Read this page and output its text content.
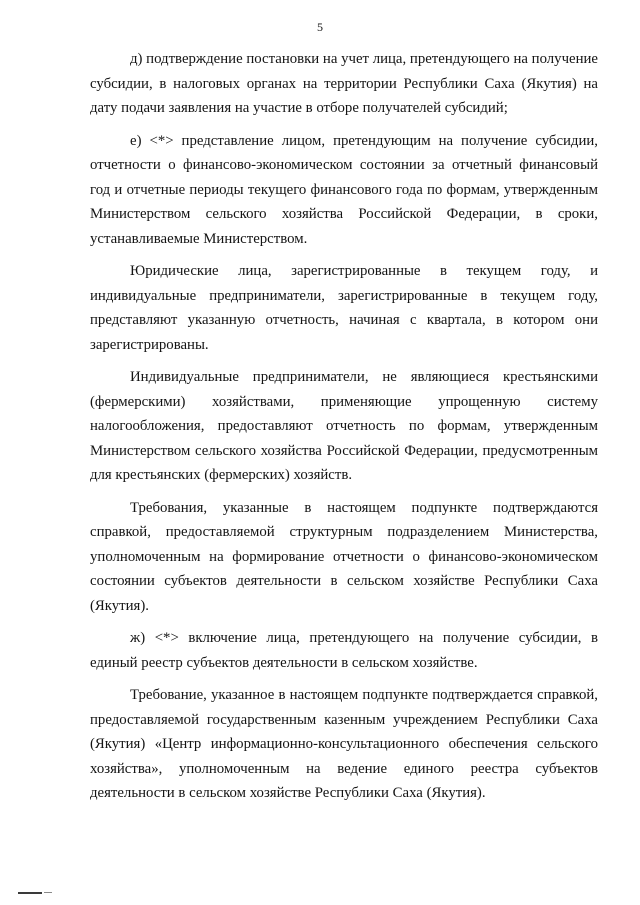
5

д) подтверждение постановки на учет лица, претендующего на получение субсидии, в налоговых органах на территории Республики Саха (Якутия) на дату подачи заявления на участие в отборе получателей субсидий;

е) <*> представление лицом, претендующим на получение субсидии, отчетности о финансово-экономическом состоянии за отчетный финансовый год и отчетные периоды текущего финансового года по формам, утвержденным Министерством сельского хозяйства Российской Федерации, в сроки, устанавливаемые Министерством.

Юридические лица, зарегистрированные в текущем году, и индивидуальные предприниматели, зарегистрированные в текущем году, представляют указанную отчетность, начиная с квартала, в котором они зарегистрированы.

Индивидуальные предприниматели, не являющиеся крестьянскими (фермерскими) хозяйствами, применяющие упрощенную систему налогообложения, предоставляют отчетность по формам, утвержденным Министерством сельского хозяйства Российской Федерации, предусмотренным для крестьянских (фермерских) хозяйств.

Требования, указанные в настоящем подпункте подтверждаются справкой, предоставляемой структурным подразделением Министерства, уполномоченным на формирование отчетности о финансово-экономическом состоянии субъектов деятельности в сельском хозяйстве Республики Саха (Якутия).

ж) <*> включение лица, претендующего на получение субсидии, в единый реестр субъектов деятельности в сельском хозяйстве.

Требование, указанное в настоящем подпункте подтверждается справкой, предоставляемой государственным казенным учреждением Республики Саха (Якутия) «Центр информационно-консультационного обеспечения сельского хозяйства», уполномоченным на ведение единого реестра субъектов деятельности в сельском хозяйстве Республики Саха (Якутия).
